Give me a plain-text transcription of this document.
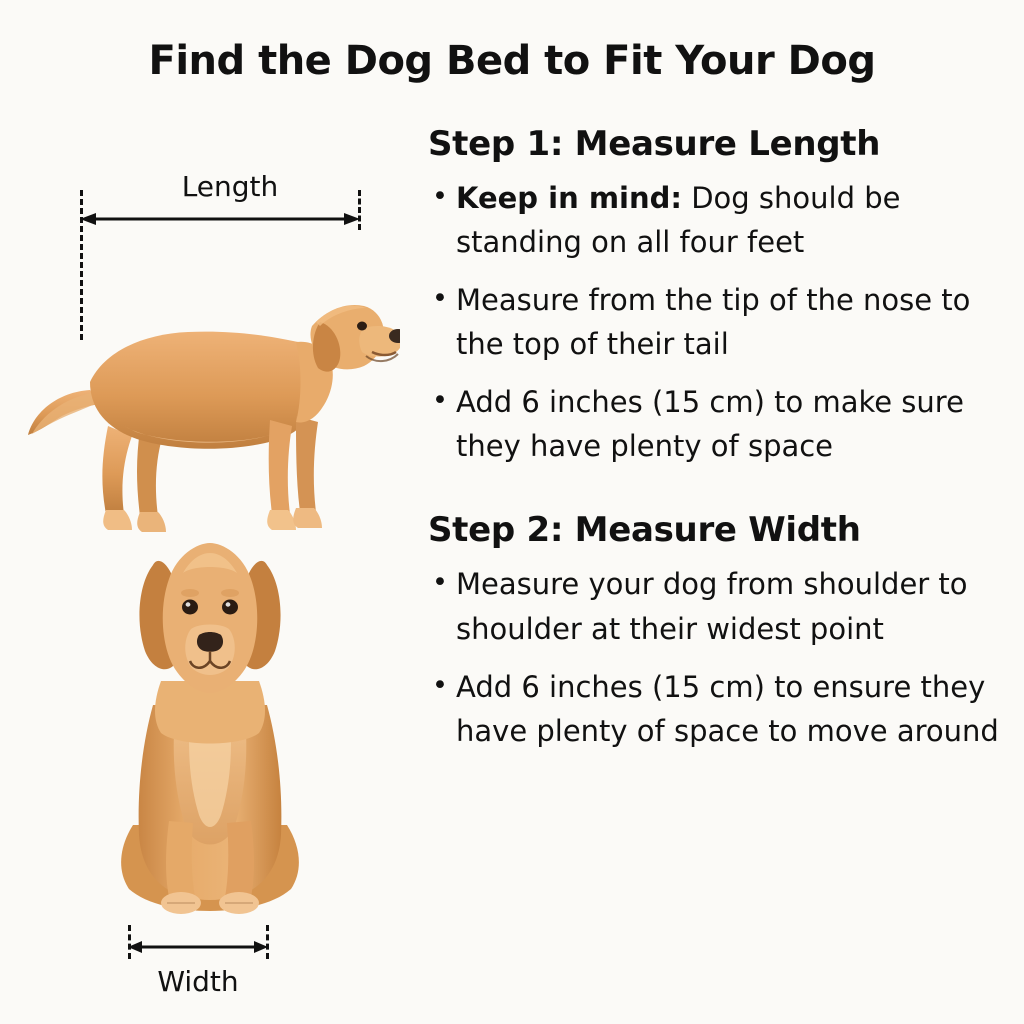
Find the Dog Bed to Fit Your Dog
Length
Width
Step 1: Measure Length
• Keep in mind: Dog should be standing on all four feet
• Measure from the tip of the nose to the top of their tail
• Add 6 inches (15 cm) to make sure they have plenty of space
Step 2: Measure Width
• Measure your dog from shoulder to shoulder at their widest point
• Add 6 inches (15 cm) to ensure they have plenty of space to move around
